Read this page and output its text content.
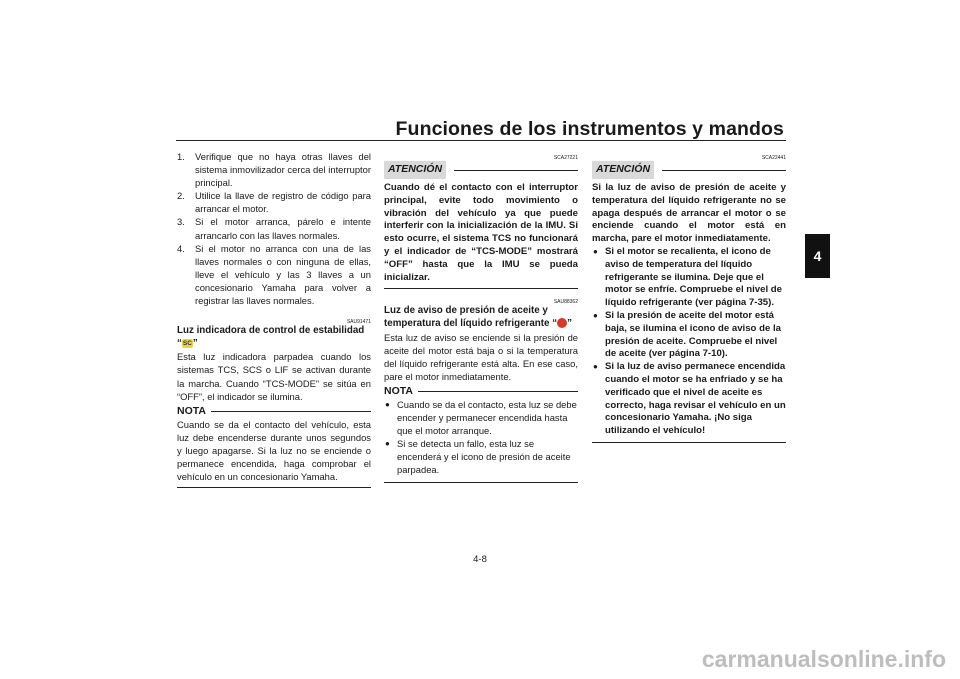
Funciones de los instrumentos y mandos
4
1. Verifique que no haya otras llaves del sistema inmovilizador cerca del interruptor principal.
2. Utilice la llave de registro de código para arrancar el motor.
3. Si el motor arranca, párelo e intente arrancarlo con las llaves normales.
4. Si el motor no arranca con una de las llaves normales o con ninguna de ellas, lleve el vehículo y las 3 llaves a un concesionario Yamaha para volver a registrar las llaves normales.
SAU91471
Luz indicadora de control de estabilidad
“SC”

Esta luz indicadora parpadea cuando los sistemas TCS, SCS o LIF se activan durante la marcha. Cuando “TCS-MODE” se sitúa en “OFF”, el indicador se ilumina.

NOTA

Cuando se da el contacto del vehículo, esta luz debe encenderse durante unos segundos y luego apagarse. Si la luz no se enciende o permanece encendida, haga comprobar el vehículo en un concesionario Yamaha.

SCA27221
ATENCIÓN

Cuando dé el contacto con el interruptor principal, evite todo movimiento o vibración del vehículo ya que puede interferir con la inicialización de la IMU. Si esto ocurre, el sistema TCS no funcionará y el indicador de “TCS-MODE” mostrará “OFF” hasta que la IMU se pueda inicializar.

SAU88362
Luz de aviso de presión de aceite y temperatura del líquido refrigerante “ ”

Esta luz de aviso se enciende si la presión de aceite del motor está baja o si la temperatura del líquido refrigerante está alta. En ese caso, pare el motor inmediatamente.

NOTA
● Cuando se da el contacto, esta luz se debe encender y permanecer encendida hasta que el motor arranque.
● Si se detecta un fallo, esta luz se encenderá y el icono de presión de aceite parpadea.
SCA22441
ATENCIÓN

Si la luz de aviso de presión de aceite y temperatura del líquido refrigerante no se apaga después de arrancar el motor o se enciende cuando el motor está en marcha, pare el motor inmediatamente.

● Si el motor se recalienta, el icono de aviso de temperatura del líquido refrigerante se ilumina. Deje que el motor se enfríe. Compruebe el nivel de líquido refrigerante (ver página 7-35).
● Si la presión de aceite del motor está baja, se ilumina el icono de aviso de la presión de aceite. Compruebe el nivel de aceite (ver página 7-10).
● Si la luz de aviso permanece encendida cuando el motor se ha enfriado y se ha verificado que el nivel de aceite es correcto, haga revisar el vehículo en un concesionario Yamaha. ¡No siga utilizando el vehículo!
4-8
carmanualsonline.info
